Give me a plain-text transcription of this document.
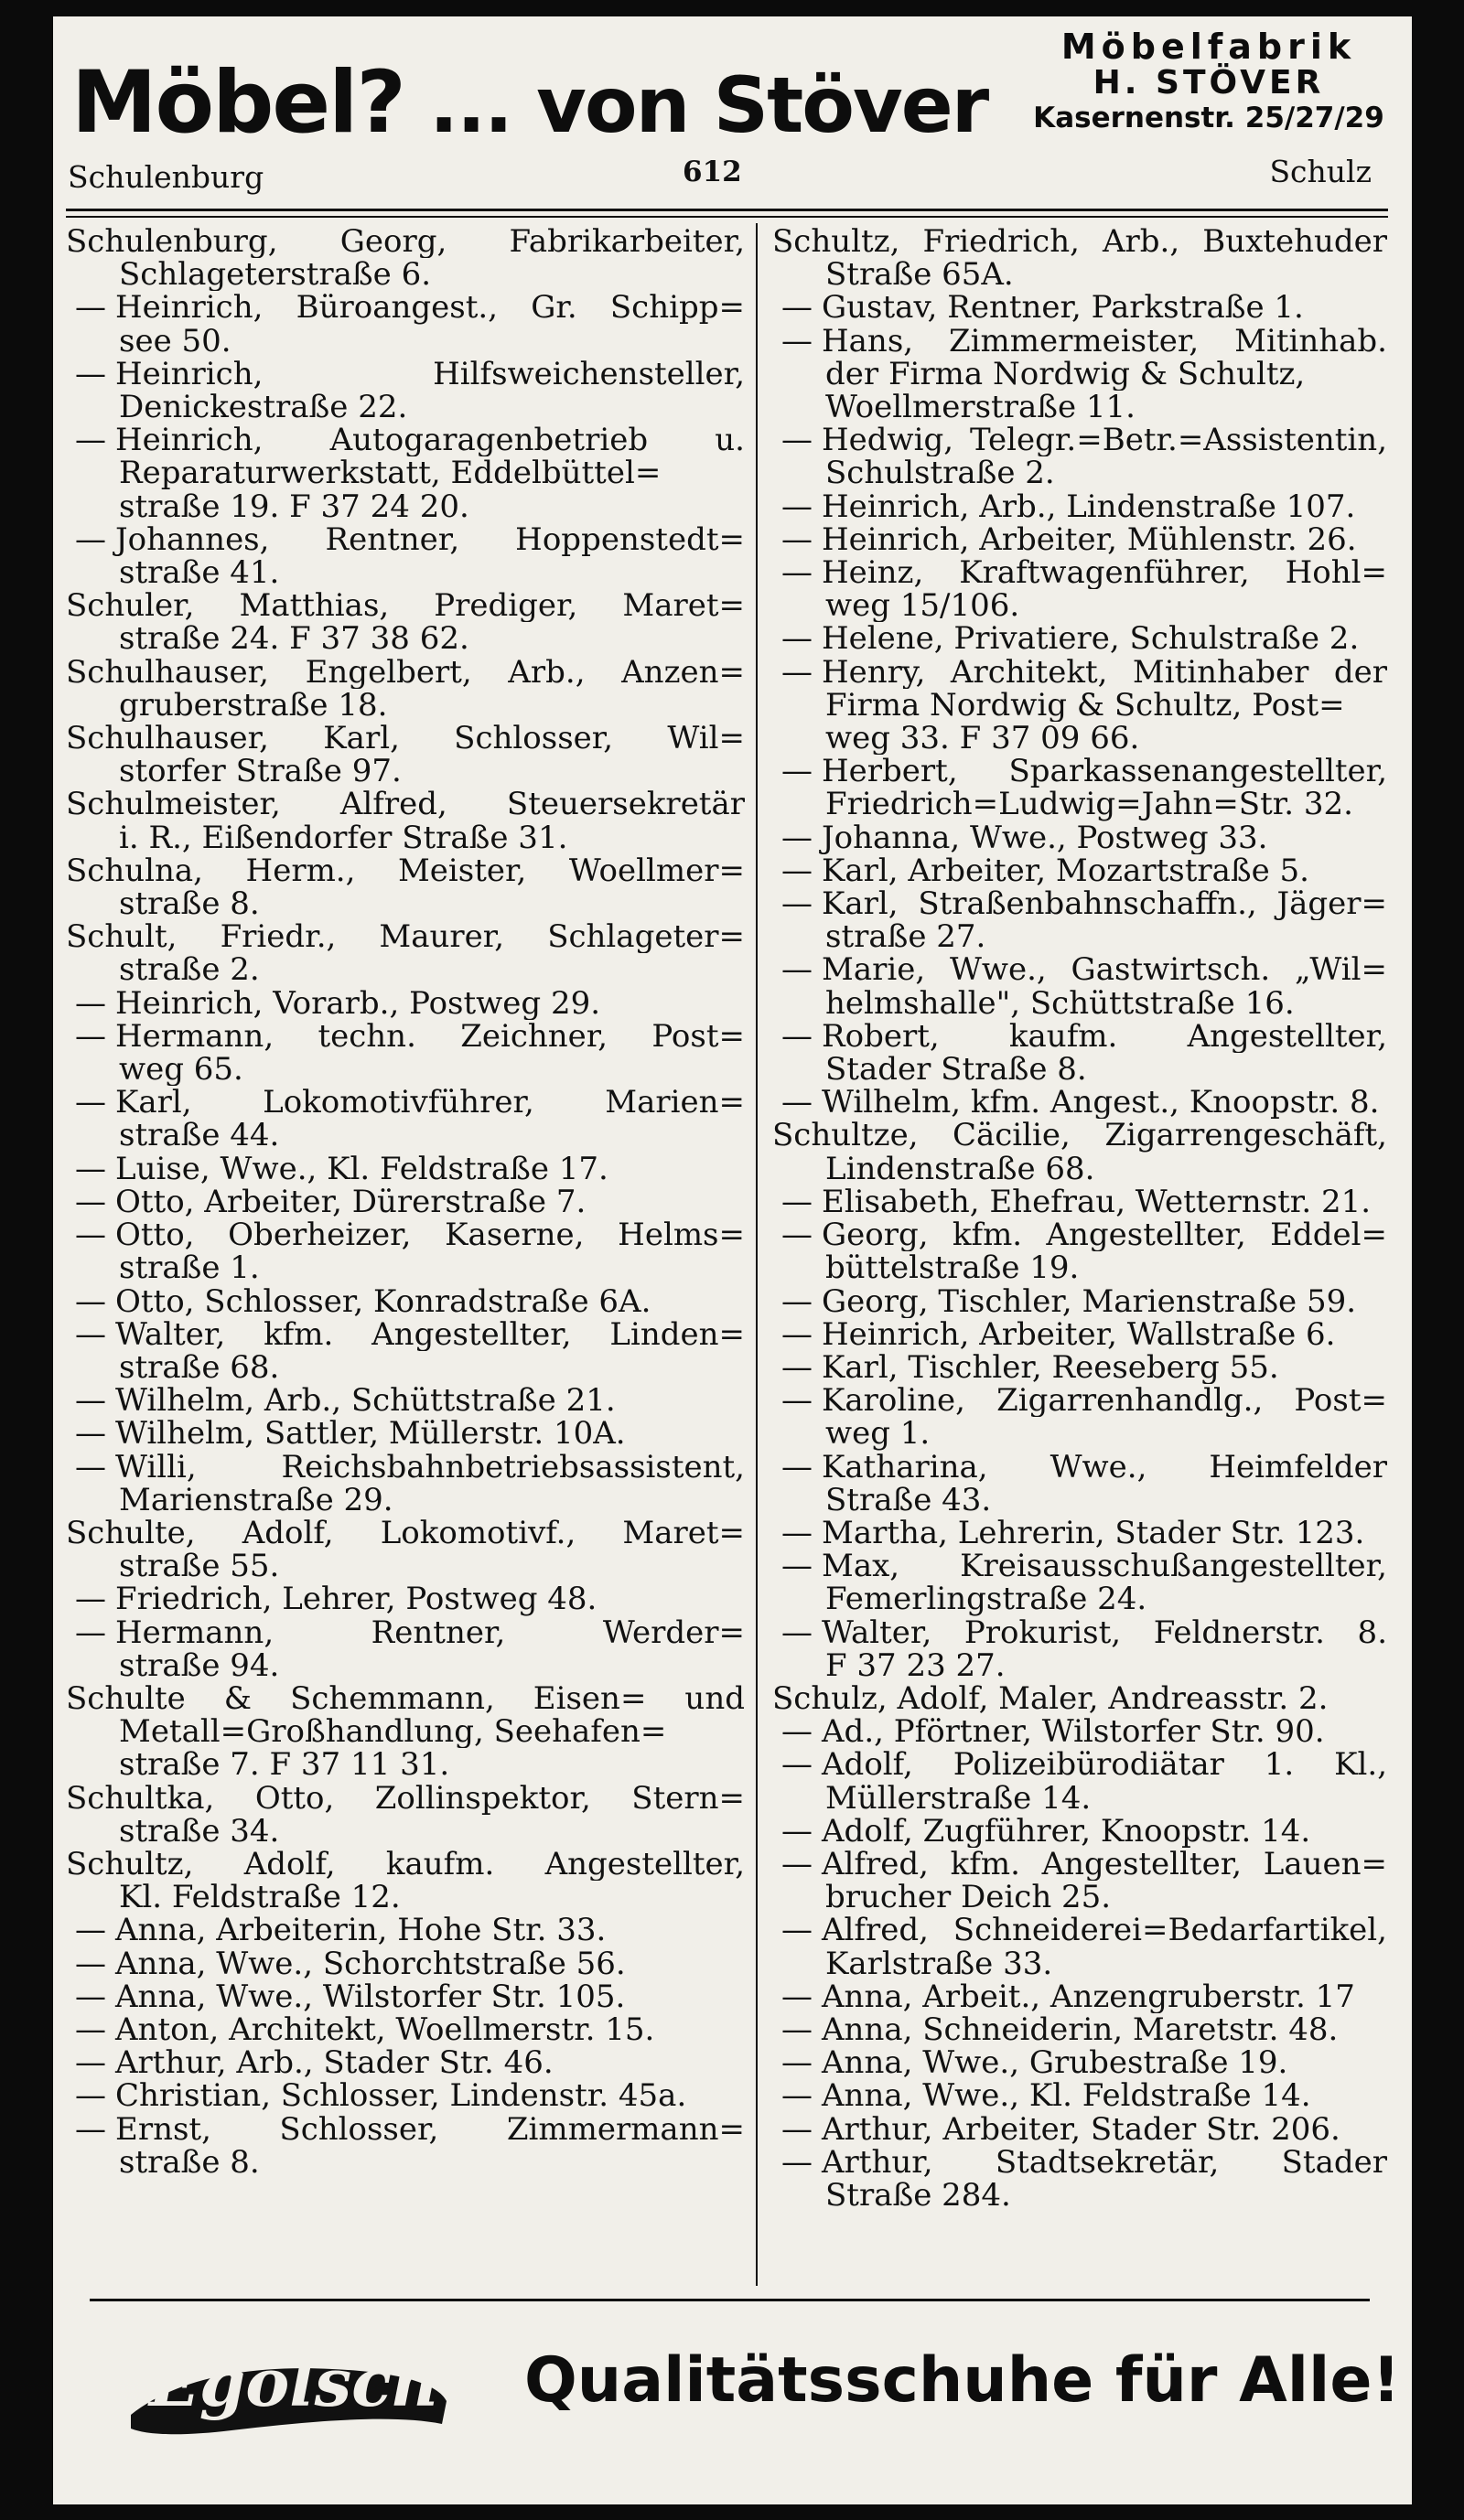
Möbel? ... von Stöver
Möbelfabrik
H. STÖVER
Kasernenstr. 25/27/29
Schulenburg	612	Schulz
Schulenburg, Georg, Fabrikarbeiter,
Schlageterstraße 6.
— Heinrich, Büroangest., Gr. Schipp=
see 50.
— Heinrich, Hilfsweichensteller,
Denickestraße 22.
— Heinrich, Autogaragenbetrieb u.
Reparaturwerkstatt, Eddelbüttel=
straße 19. F 37 24 20.
— Johannes, Rentner, Hoppenstedt=
straße 41.
Schuler, Matthias, Prediger, Maret=
straße 24. F 37 38 62.
Schulhauser, Engelbert, Arb., Anzen=
gruberstraße 18.
Schulhauser, Karl, Schlosser, Wil=
storfer Straße 97.
Schulmeister, Alfred, Steuersekretär
i. R., Eißendorfer Straße 31.
Schulna, Herm., Meister, Woellmer=
straße 8.
Schult, Friedr., Maurer, Schlageter=
straße 2.
— Heinrich, Vorarb., Postweg 29.
— Hermann, techn. Zeichner, Post=
weg 65.
— Karl, Lokomotivführer, Marien=
straße 44.
— Luise, Wwe., Kl. Feldstraße 17.
— Otto, Arbeiter, Dürerstraße 7.
— Otto, Oberheizer, Kaserne, Helms=
straße 1.
— Otto, Schlosser, Konradstraße 6A.
— Walter, kfm. Angestellter, Linden=
straße 68.
— Wilhelm, Arb., Schüttstraße 21.
— Wilhelm, Sattler, Müllerstr. 10A.
— Willi, Reichsbahnbetriebsassistent,
Marienstraße 29.
Schulte, Adolf, Lokomotivf., Maret=
straße 55.
— Friedrich, Lehrer, Postweg 48.
— Hermann, Rentner, Werder=
straße 94.
Schulte & Schemmann, Eisen= und
Metall=Großhandlung, Seehafen=
straße 7. F 37 11 31.
Schultka, Otto, Zollinspektor, Stern=
straße 34.
Schultz, Adolf, kaufm. Angestellter,
Kl. Feldstraße 12.
— Anna, Arbeiterin, Hohe Str. 33.
— Anna, Wwe., Schorchtstraße 56.
— Anna, Wwe., Wilstorfer Str. 105.
— Anton, Architekt, Woellmerstr. 15.
— Arthur, Arb., Stader Str. 46.
— Christian, Schlosser, Lindenstr. 45a.
— Ernst, Schlosser, Zimmermann=
straße 8.
Schultz, Friedrich, Arb., Buxtehuder
Straße 65A.
— Gustav, Rentner, Parkstraße 1.
— Hans, Zimmermeister, Mitinhab.
der Firma Nordwig & Schultz,
Woellmerstraße 11.
— Hedwig, Telegr.=Betr.=Assistentin,
Schulstraße 2.
— Heinrich, Arb., Lindenstraße 107.
— Heinrich, Arbeiter, Mühlenstr. 26.
— Heinz, Kraftwagenführer, Hohl=
weg 15/106.
— Helene, Privatiere, Schulstraße 2.
— Henry, Architekt, Mitinhaber der
Firma Nordwig & Schultz, Post=
weg 33. F 37 09 66.
— Herbert, Sparkassenangestellter,
Friedrich=Ludwig=Jahn=Str. 32.
— Johanna, Wwe., Postweg 33.
— Karl, Arbeiter, Mozartstraße 5.
— Karl, Straßenbahnschaffn., Jäger=
straße 27.
— Marie, Wwe., Gastwirtsch. „Wil=
helmshalle", Schüttstraße 16.
— Robert, kaufm. Angestellter,
Stader Straße 8.
— Wilhelm, kfm. Angest., Knoopstr. 8.
Schultze, Cäcilie, Zigarrengeschäft,
Lindenstraße 68.
— Elisabeth, Ehefrau, Wetternstr. 21.
— Georg, kfm. Angestellter, Eddel=
büttelstraße 19.
— Georg, Tischler, Marienstraße 59.
— Heinrich, Arbeiter, Wallstraße 6.
— Karl, Tischler, Reeseberg 55.
— Karoline, Zigarrenhandlg., Post=
weg 1.
— Katharina, Wwe., Heimfelder
Straße 43.
— Martha, Lehrerin, Stader Str. 123.
— Max, Kreisausschußangestellter,
Femerlingstraße 24.
— Walter, Prokurist, Feldnerstr. 8.
F 37 23 27.
Schulz, Adolf, Maler, Andreasstr. 2.
— Ad., Pförtner, Wilstorfer Str. 90.
— Adolf, Polizeibürodiätar 1. Kl.,
Müllerstraße 14.
— Adolf, Zugführer, Knoopstr. 14.
— Alfred, kfm. Angestellter, Lauen=
brucher Deich 25.
— Alfred, Schneiderei=Bedarfartikel,
Karlstraße 33.
— Anna, Arbeit., Anzengruberstr. 17
— Anna, Schneiderin, Maretstr. 48.
— Anna, Wwe., Grubestraße 19.
— Anna, Wwe., Kl. Feldstraße 14.
— Arthur, Arbeiter, Stader Str. 206.
— Arthur, Stadtsekretär, Stader
Straße 284.
Egolsch Qualitätsschuhe für Alle!
